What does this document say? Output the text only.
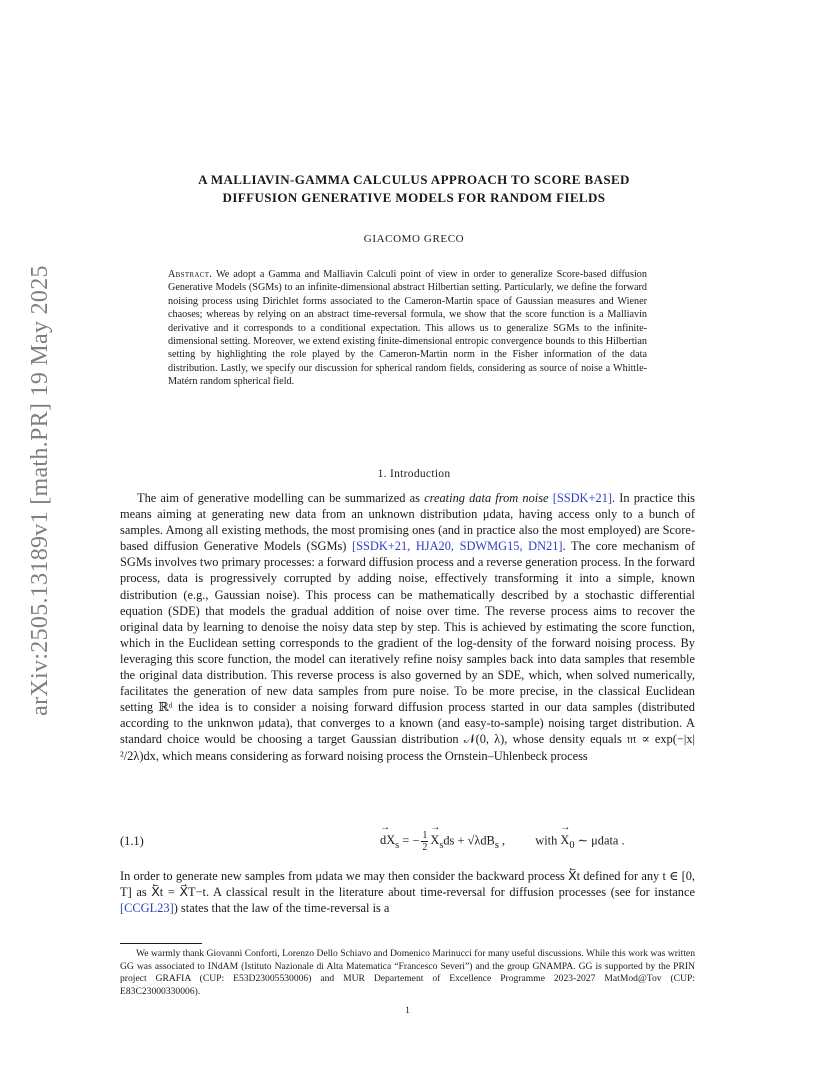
arXiv:2505.13189v1 [math.PR] 19 May 2025
A MALLIAVIN-GAMMA CALCULUS APPROACH TO SCORE BASED
DIFFUSION GENERATIVE MODELS FOR RANDOM FIELDS
GIACOMO GRECO
Abstract. We adopt a Gamma and Malliavin Calculi point of view in order to generalize Score-based diffusion Generative Models (SGMs) to an infinite-dimensional abstract Hilbertian setting. Particularly, we define the forward noising process using Dirichlet forms associated to the Cameron-Martin space of Gaussian measures and Wiener chaoses; whereas by relying on an abstract time-reversal formula, we show that the score function is a Malliavin derivative and it corresponds to a conditional expectation. This allows us to generalize SGMs to the infinite-dimensional setting. Moreover, we extend existing finite-dimensional entropic convergence bounds to this Hilbertian setting by highlighting the role played by the Cameron-Martin norm in the Fisher information of the data distribution. Lastly, we specify our discussion for spherical random fields, considering as source of noise a Whittle-Matérn random spherical field.
1. Introduction
The aim of generative modelling can be summarized as creating data from noise [SSDK+21]. In practice this means aiming at generating new data from an unknown distribution μdata, having access only to a bunch of samples. Among all existing methods, the most promising ones (and in practice also the most employed) are Score-based diffusion Generative Models (SGMs) [SSDK+21, HJA20, SDWMG15, DN21]. The core mechanism of SGMs involves two primary processes: a forward diffusion process and a reverse generation process. In the forward process, data is progressively corrupted by adding noise, effectively transforming it into a simple, known distribution (e.g., Gaussian noise). This process can be mathematically described by a stochastic differential equation (SDE) that models the gradual addition of noise over time. The reverse process aims to recover the original data by learning to denoise the noisy data step by step. This is achieved by estimating the score function, which in the Euclidean setting corresponds to the gradient of the log-density of the forward noising process. By leveraging this score function, the model can iteratively refine noisy samples back into data samples that resemble the original data distribution. This reverse process is also governed by an SDE, which, when solved numerically, facilitates the generation of new data samples from pure noise. To be more precise, in the classical Euclidean setting ℝᵈ the idea is to consider a noising forward diffusion process started in our data samples (distributed according to the unknwon μdata), that converges to a known (and easy-to-sample) noising target distribution. A standard choice would be choosing a target Gaussian distribution 𝒩(0, λ), whose density equals 𝔪 ∝ exp(−|x|²/2λ)dx, which means considering as forward noising process the Ornstein–Uhlenbeck process
(1.1)
→	$dX_s$ = − $\frac{1}{2}$
→ $X_sds + √\lambda dB_s$ , with → $X_0$ ∼ μdata .
In order to generate new samples from μdata we may then consider the backward process X⃖t defined for any t ∈ [0, T] as X⃖t = X⃗T−t. A classical result in the literature about time-reversal for diffusion processes (see for instance [CCGL23]) states that the law of the time-reversal is a
We warmly thank Giovanni Conforti, Lorenzo Dello Schiavo and Domenico Marinucci for many useful discussions. While this work was written GG was associated to INdAM (Istituto Nazionale di Alta Matematica “Francesco Severi”) and the group GNAMPA. GG is supported by the PRIN project GRAFIA (CUP: E53D23005530006) and MUR Departement of Excellence Programme 2023-2027 MatMod@Tov (CUP: E83C23000330006).
1
